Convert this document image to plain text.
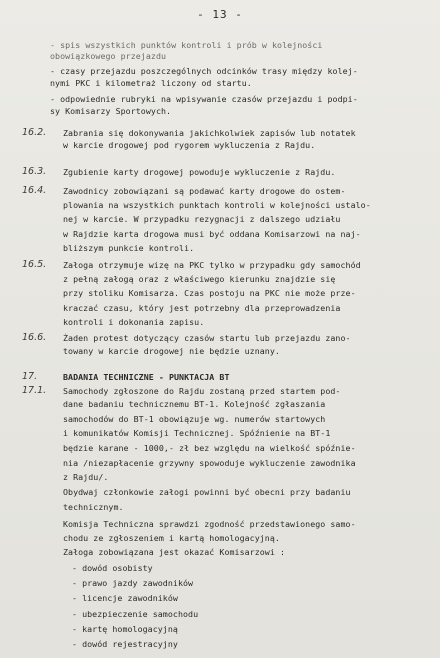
- 13 -
- spis wszystkich punktów kontroli i prób w kolejności
obowiązkowego przejazdu
- czasy przejazdu poszczególnych odcinków trasy między kolej-
nymi PKC i kilometraż liczony od startu.
- odpowiednie rubryki na wpisywanie czasów przejazdu i podpi-
sy Komisarzy Sportowych.
16.2. Zabrania się dokonywania jakichkolwiek zapisów lub notatek
w karcie drogowej pod rygorem wykluczenia z Rajdu.
16.3. Zgubienie karty drogowej powoduje wykluczenie z Rajdu.
16.4. Zawodnicy zobowiązani są podawać karty drogowe do ostem-
plowania na wszystkich punktach kontroli w kolejności ustalo-
nej w karcie. W przypadku rezygnacji z dalszego udziału
w Rajdzie karta drogowa musi być oddana Komisarzowi na naj-
bliższym punkcie kontroli.
16.5. Załoga otrzymuje wizę na PKC tylko w przypadku gdy samochód
z pełną załogą oraz z właściwego kierunku znajdzie się
przy stoliku Komisarza. Czas postoju na PKC nie może prze-
kraczać czasu, który jest potrzebny dla przeprowadzenia
kontroli i dokonania zapisu.
16.6. Żaden protest dotyczący czasów startu lub przejazdu zano-
towany w karcie drogowej nie będzie uznany.
17.	BADANIA TECHNICZNE - PUNKTACJA BT
17.1. Samochody zgłoszone do Rajdu zostaną przed startem pod-
dane badaniu technicznemu BT-1. Kolejność zgłaszania
samochodów do BT-1 obowiązuje wg. numerów startowych
i komunikatów Komisji Technicznej. Spóźnienie na BT-1
będzie karane - 1000,- zł bez względu na wielkość spóźnie-
nia /niezapłacenie grzywny spowoduje wykluczenie zawodnika
z Rajdu/.
Obydwaj członkowie załogi powinni być obecni przy badaniu
technicznym.
Komisja Techniczna sprawdzi zgodność przedstawionego samo-
chodu ze zgłoszeniem i kartą homologacyjną.
Załoga zobowiązana jest okazać Komisarzowi :
- dowód osobisty
- prawo jazdy zawodników
- licencje zawodników
- ubezpieczenie samochodu
- kartę homologacyjną
- dowód rejestracyjny
